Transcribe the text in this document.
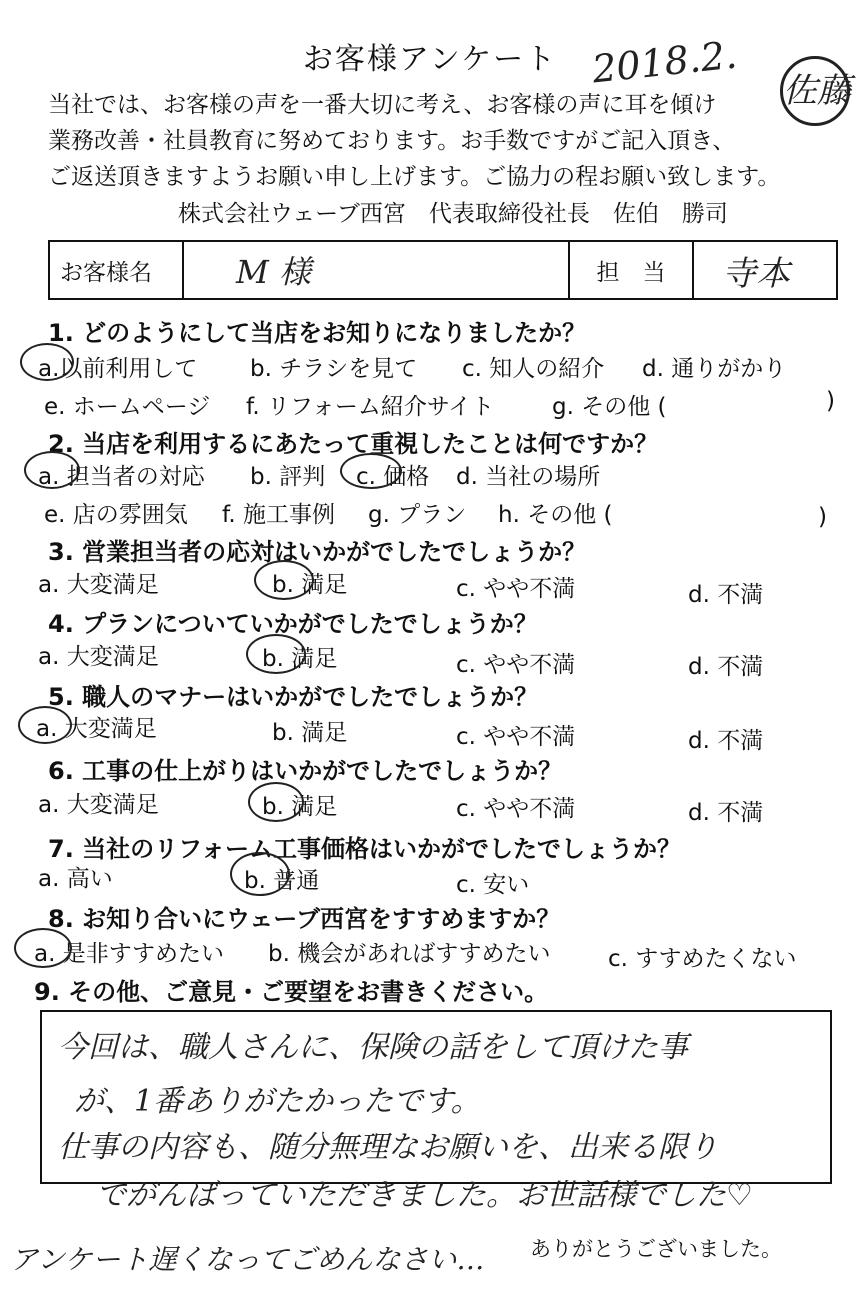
お客様アンケート 2018.2. 佐藤
当社では、お客様の声を一番大切に考え、お客様の声に耳を傾け
業務改善・社員教育に努めております。お手数ですがご記入頂き、
ご返送頂きますようお願い申し上げます。ご協力の程お願い致します。
株式会社ウェーブ西宮　代表取締役社長　佐伯　勝司
お客様名	M 様	担　当	寺本
1. どのようにして当店をお知りになりましたか？
a.以前利用して b. チラシを見て c. 知人の紹介 d. 通りがかり
e. ホームページ f. リフォーム紹介サイト	g. その他 (	)
2. 当店を利用するにあたって重視したことは何ですか？
a. 担当者の対応 b. 評判 c. 価格 d. 当社の場所
e. 店の雰囲気 f. 施工事例 g. プラン h. その他 (	)
3. 営業担当者の応対はいかがでしたでしょうか？
a. 大変満足	b. 満足	c. やや不満	d. 不満
4. プランについていかがでしたでしょうか？
a. 大変満足	b. 満足	c. やや不満	d. 不満
5. 職人のマナーはいかがでしたでしょうか？
a. 大変満足	b. 満足	c. やや不満	d. 不満
6. 工事の仕上がりはいかがでしたでしょうか？
a. 大変満足	b. 満足	c. やや不満	d. 不満
7. 当社のリフォーム工事価格はいかがでしたでしょうか？
a. 高い	b. 普通	c. 安い
8. お知り合いにウェーブ西宮をすすめますか？
a. 是非すすめたい b. 機会があればすすめたい	c. すすめたくない
9. その他、ご意見・ご要望をお書きください。
今回は、職人さんに、保険の話をして頂けた事
が、1番ありがたかったです。
仕事の内容も、随分無理なお願いを、出来る限り
でがんばっていただきました。お世話様でした♡
ありがとうございました。
アンケート遅くなってごめんなさい…
